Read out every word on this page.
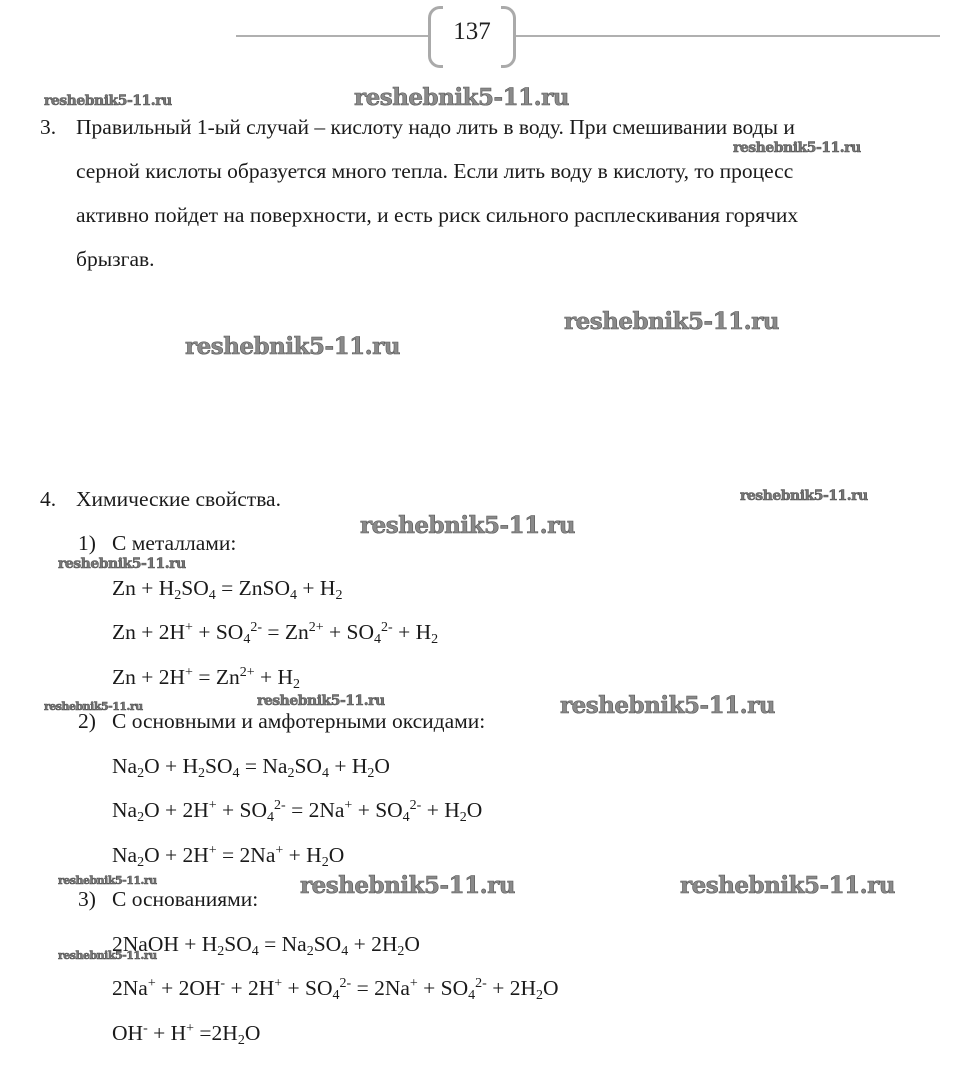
137
3. Правильный 1-ый случай – кислоту надо лить в воду. При смешивании воды и
серной кислоты образуется много тепла. Если лить воду в кислоту, то процесс
активно пойдет на поверхности, и есть риск сильного расплескивания горячих
брызгав.
4. Химические свойства.
1) С металлами:
$Zn + H_2SO_4$ = ZnSO$_4$ + $H_2$
$Zn + 2H^+ + SO_4^{2-} = Zn^{2+} + SO_4^{2-} + H_2$
$Zn + 2H^+ = Zn^{2+} + H_2$
2) С основными и амфотерными оксидами:
$Na_2O + H_2SO_4 = Na_2SO_4 + H_2O$
$Na_2O + 2H^+ + SO_4^{2-} = 2Na^+ + SO_4^{2-} + H_2O$
$Na_2O + 2H^+ = 2Na^+ + H_2O$
3) С основаниями:
2NaOH + $H_2SO_4 = Na_2SO_4 + 2H_2O$
$2Na^+ + 2OH^- + 2H^+ + SO_4^{2-} = 2Na^+ + SO_4^{2-} + 2H_2O$
$OH^- + H^+ =2H_2O$
reshebnik5-11.ru	reshebnik5-11.ru
reshebnik5-11.ru
reshebnik5-11.ru
reshebnik5-11.ru
reshebnik5-11.ru
reshebnik5-11.ru
reshebnik5-11.ru
reshebnik5-11.ru	reshebnik5-11.ru	reshebnik5-11.ru
reshebnik5-11.ru	reshebnik5-11.ru	reshebnik5-11.ru
reshebnik5-11.ru
